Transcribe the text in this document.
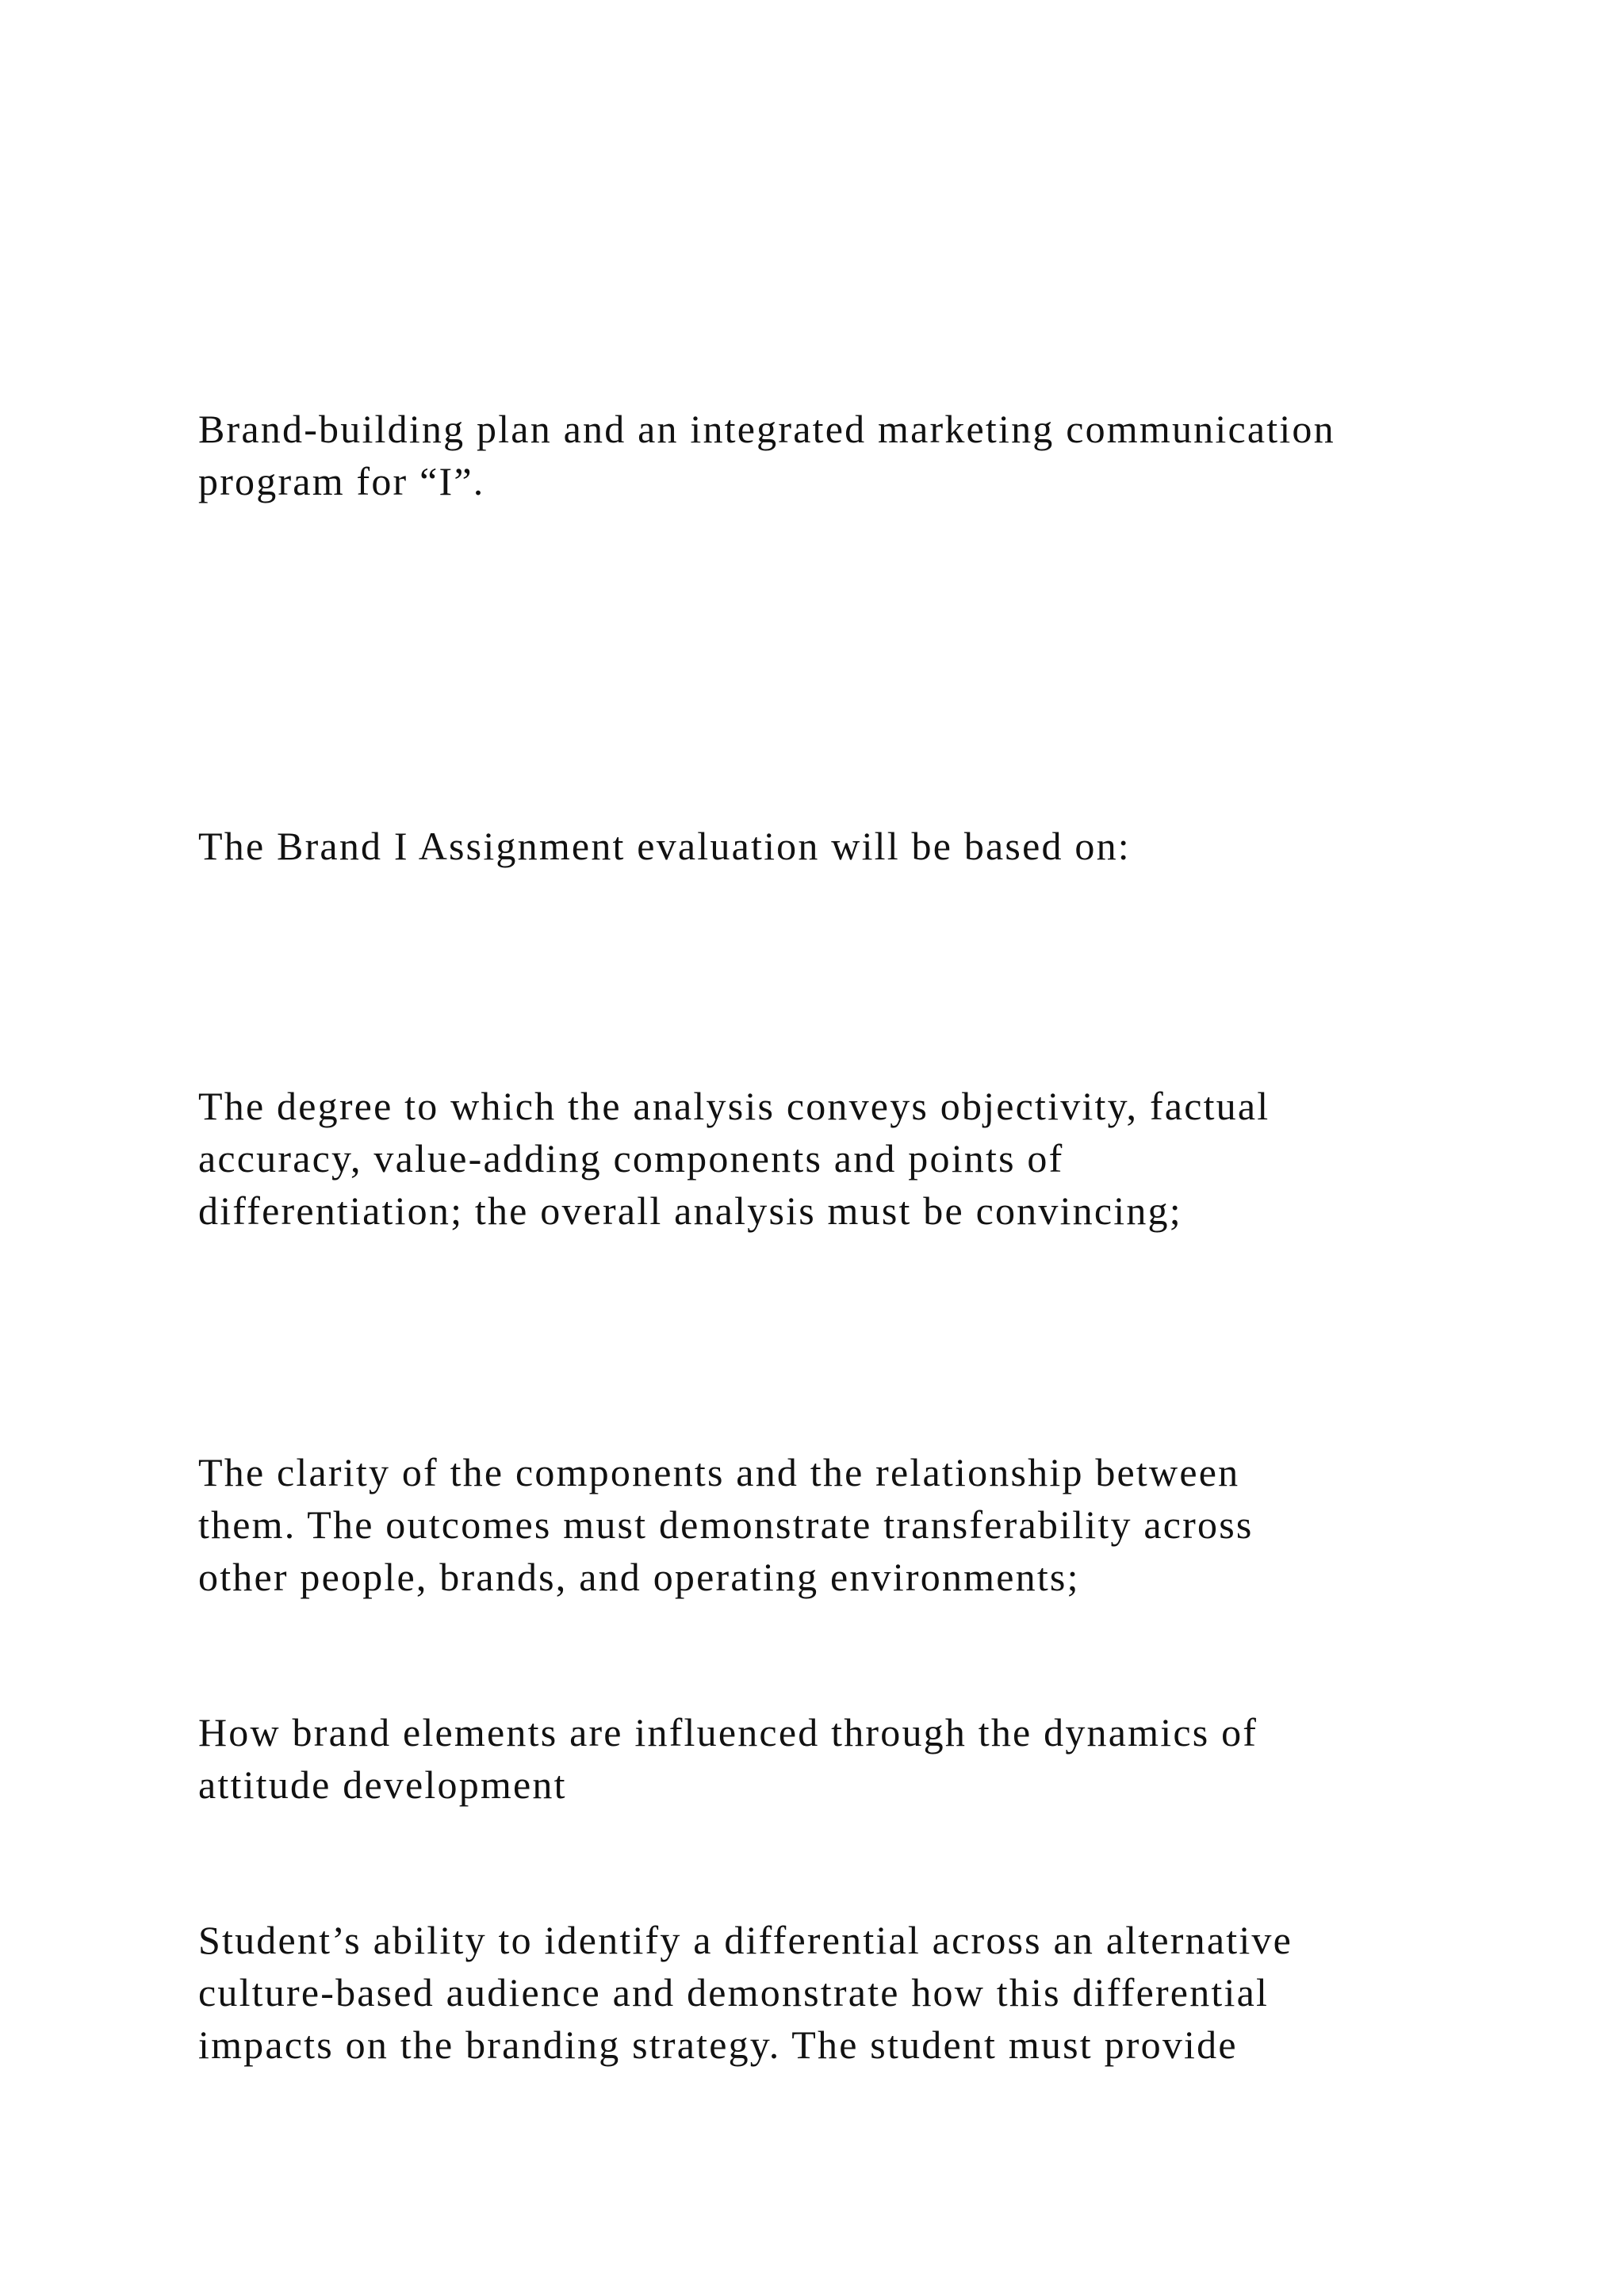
Brand-building plan and an integrated marketing communication
program for “I”.

The Brand I Assignment evaluation will be based on:

The degree to which the analysis conveys objectivity, factual
accuracy, value-adding components and points of
differentiation; the overall analysis must be convincing;

The clarity of the components and the relationship between
them. The outcomes must demonstrate transferability across
other people, brands, and operating environments;

How brand elements are influenced through the dynamics of
attitude development

Student’s ability to identify a differential across an alternative
culture-based audience and demonstrate how this differential
impacts on the branding strategy. The student must provide
